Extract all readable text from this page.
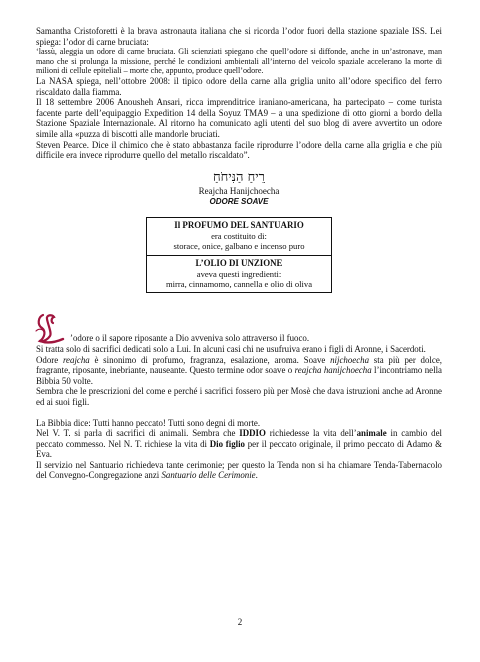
Samantha Cristoforetti è la brava astronauta italiana che si ricorda l’odor fuori della stazione spaziale ISS. Lei spiega: l’odor di carne bruciata:

‘lassù, aleggia un odore di carne bruciata. Gli scienziati spiegano che quell’odore si diffonde, anche in un’astronave, man mano che si prolunga la missione, perché le condizioni ambientali all’interno del veicolo spaziale accelerano la morte di milioni di cellule epiteliali – morte che, appunto, produce quell’odore.

La NASA spiega, nell’ottobre 2008: il tipico odore della carne alla griglia unito all’odore specifico del ferro riscaldato dalla fiamma.

Il 18 settembre 2006 Anousheh Ansari, ricca imprenditrice iraniano-americana, ha partecipato – come turista facente parte dell’equipaggio Expedition 14 della Soyuz TMA9 – a una spedizione di otto giorni a bordo della Stazione Spaziale Internazionale. Al ritorno ha comunicato agli utenti del suo blog di avere avvertito un odore simile alla «puzza di biscotti alle mandorle bruciati.

Steven Pearce. Dice il chimico che è stato abbastanza facile riprodurre l’odore della carne alla griglia e che più difficile era invece riprodurre quello del metallo riscaldato”.

רֵיחַ הַנִּיחֹחַ
Reajcha Hanijchoecha
ODORE SOAVE
Il PROFUMO DEL SANTUARIO
era costituito di:
storace, onice, galbano e incenso puro
L’OLIO DI UNZIONE
aveva questi ingredienti:
mirra, cinnamomo, cannella e olio di oliva

’odore o il sapore riposante a Dio avveniva solo attraverso il fuoco.

Si tratta solo di sacrifici dedicati solo a Lui. In alcuni casi chi ne usufruiva erano i figli di Aronne, i Sacerdoti.

Odore reajcha è sinonimo di profumo, fragranza, esalazione, aroma. Soave nijchoecha sta più per dolce, fragrante, riposante, inebriante, nauseante. Questo termine odor soave o reajcha hanijchoecha l’incontriamo nella Bibbia 50 volte.

Sembra che le prescrizioni del come e perché i sacrifici fossero più per Mosè che dava istruzioni anche ad Aronne ed ai suoi figli.

La Bibbia dice: Tutti hanno peccato! Tutti sono degni di morte.

Nel V. T. si parla di sacrifici di animali. Sembra che IDDIO richiedesse la vita dell’animale in cambio del peccato commesso. Nel N. T. richiese la vita di Dio figlio per il peccato originale, il primo peccato di Adamo & Eva.

Il servizio nel Santuario richiedeva tante cerimonie; per questo la Tenda non si ha chiamare Tenda-Tabernacolo del Convegno-Congregazione anzi Santuario delle Cerimonie.

2
